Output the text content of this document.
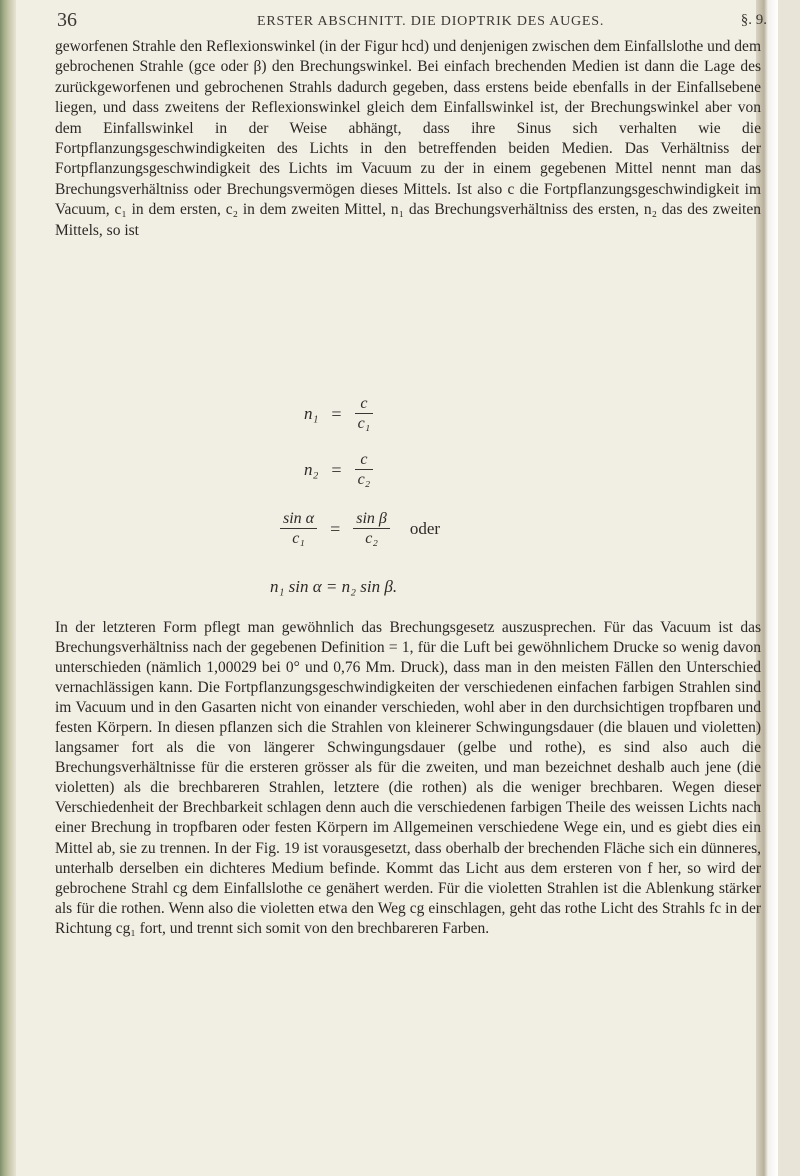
36	ERSTER ABSCHNITT. DIE DIOPTRIK DES AUGES.	§. 9.

geworfenen Strahle den Reflexionswinkel (in der Figur hcd) und denjenigen zwischen dem Einfallslothe und dem gebrochenen Strahle (gce oder β) den Brechungswinkel. Bei einfach brechenden Medien ist dann die Lage des zurückgeworfenen und gebrochenen Strahls dadurch gegeben, dass erstens beide ebenfalls in der Einfallsebene liegen, und dass zweitens der Reflexionswinkel gleich dem Einfallswinkel ist, der Brechungswinkel aber von dem Einfallswinkel in der Weise abhängt, dass ihre Sinus sich verhalten wie die Fortpflanzungsgeschwindigkeiten des Lichts in den betreffenden beiden Medien. Das Verhältniss der Fortpflanzungsgeschwindigkeit des Lichts im Vacuum zu der in einem gegebenen Mittel nennt man das Brechungsverhältniss oder Brechungsvermögen dieses Mittels. Ist also c die Fortpflanzungsgeschwindigkeit im Vacuum, c₁ in dem ersten, c₂ in dem zweiten Mittel, n₁ das Brechungsverhältniss des ersten, n₂ das des zweiten Mittels, so ist

$n_1 = \frac{c}{\text{c₁}}$
$n_2 = \frac{c}{\text{c₂}}$
$\frac{\text{sin α}}{\text{c₁}} = \frac{\text{sin β}}{\text{c₂}}$ oder
n₁ sin α = n₂ sin β.

In der letzteren Form pflegt man gewöhnlich das Brechungsgesetz auszusprechen. Für das Vacuum ist das Brechungsverhältniss nach der gegebenen Definition = 1, für die Luft bei gewöhnlichem Drucke so wenig davon unterschieden (nämlich 1,00029 bei 0° und 0,76 Mm. Druck), dass man in den meisten Fällen den Unterschied vernachlässigen kann. Die Fortpflanzungsgeschwindigkeiten der verschiedenen einfachen farbigen Strahlen sind im Vacuum und in den Gasarten nicht von einander verschieden, wohl aber in den durchsichtigen tropfbaren und festen Körpern. In diesen pflanzen sich die Strahlen von kleinerer Schwingungsdauer (die blauen und violetten) langsamer fort als die von längerer Schwingungsdauer (gelbe und rothe), es sind also auch die Brechungsverhältnisse für die ersteren grösser als für die zweiten, und man bezeichnet deshalb auch jene (die violetten) als die brechbareren Strahlen, letztere (die rothen) als die weniger brechbaren. Wegen dieser Verschiedenheit der Brechbarkeit schlagen denn auch die verschiedenen farbigen Theile des weissen Lichts nach einer Brechung in tropfbaren oder festen Körpern im Allgemeinen verschiedene Wege ein, und es giebt dies ein Mittel ab, sie zu trennen. In der Fig. 19 ist vorausgesetzt, dass oberhalb der brechenden Fläche sich ein dünneres, unterhalb derselben ein dichteres Medium befinde. Kommt das Licht aus dem ersteren von f her, so wird der gebrochene Strahl cg dem Einfallslothe ce genähert werden. Für die violetten Strahlen ist die Ablenkung stärker als für die rothen. Wenn also die violetten etwa den Weg cg einschlagen, geht das rothe Licht des Strahls fc in der Richtung cg₁ fort, und trennt sich somit von den brechbareren Farben.
